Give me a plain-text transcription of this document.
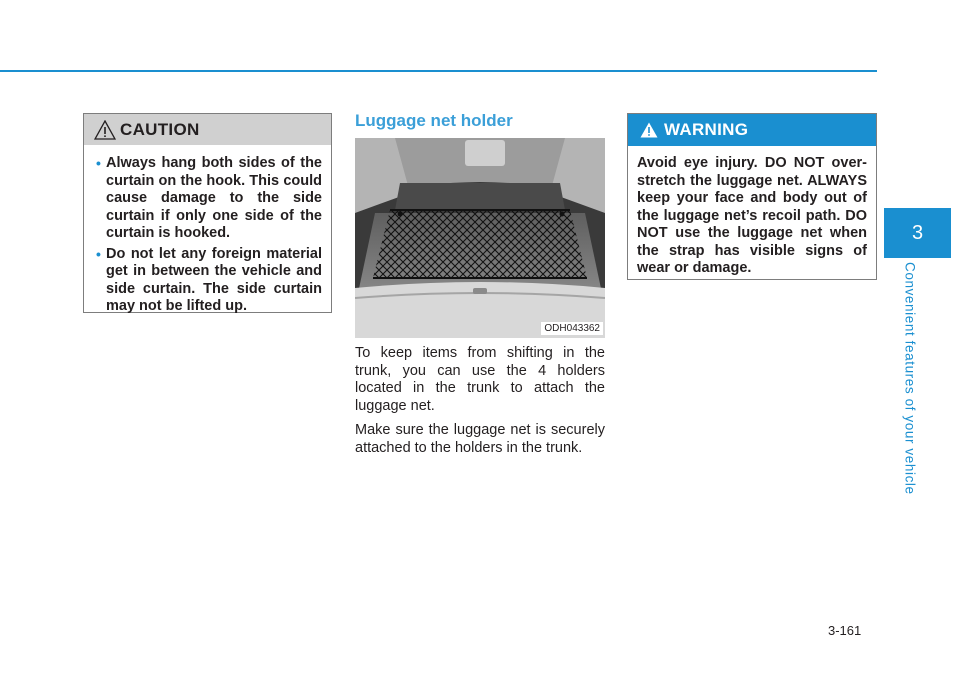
CAUTION
• Always hang both sides of the curtain on the hook. This could cause damage to the side curtain if only one side of the curtain is hooked.
• Do not let any foreign material get in between the vehicle and side curtain. The side curtain may not be lifted up.
Luggage net holder
ODH043362

To keep items from shifting in the trunk, you can use the 4 holders located in the trunk to attach the luggage net.

Make sure the luggage net is securely attached to the holders in the trunk.

WARNING
Avoid eye injury. DO NOT over-stretch the luggage net. ALWAYS keep your face and body out of the luggage net’s recoil path. DO NOT use the luggage net when the strap has visible signs of wear or damage.
3
Convenient features of your vehicle
3-161
